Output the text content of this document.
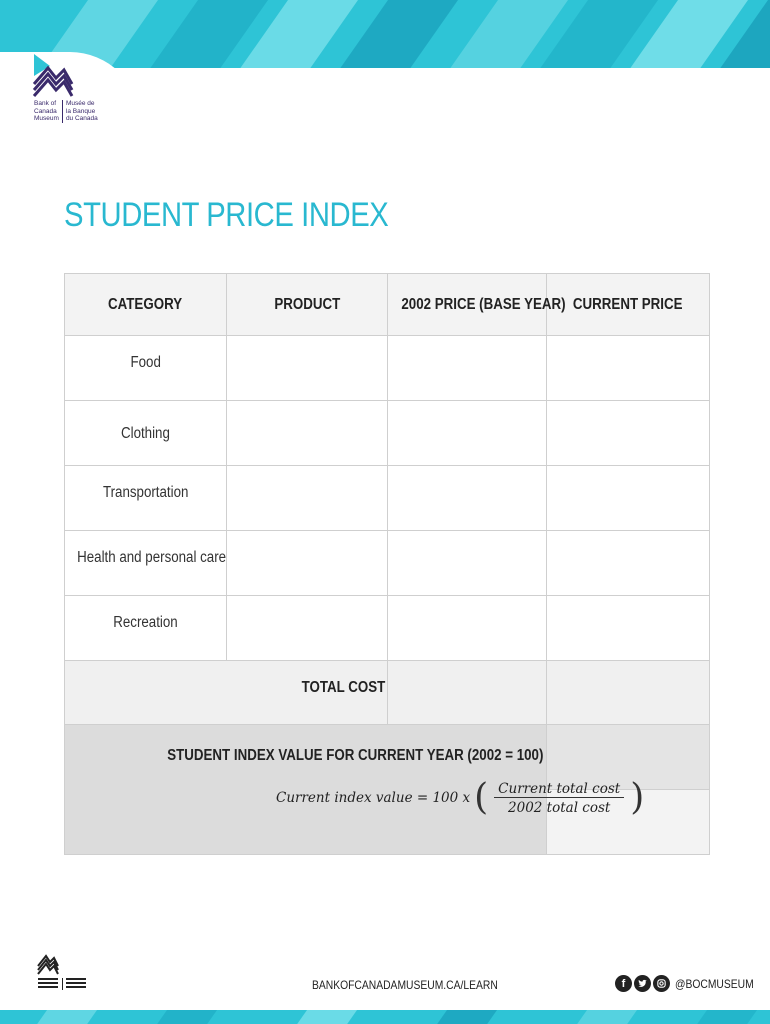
Bank of
Canada
Museum
Musée de
la Banque
du Canada
STUDENT PRICE INDEX
CATEGORY	PRODUCT	2002 PRICE (BASE YEAR)	CURRENT PRICE
Food			
Clothing			
Transportation			
Health and personal care			
Recreation			
TOTAL COST			
STUDENT INDEX VALUE FOR CURRENT YEAR (2002 = 100)			
Current index value = 100 x ( $\frac{\text{Current total cost}}{\text{2002 total cost}}$ )
BANKOFCANADAMUSEUM.CA/LEARN	f	@BOCMUSEUM
